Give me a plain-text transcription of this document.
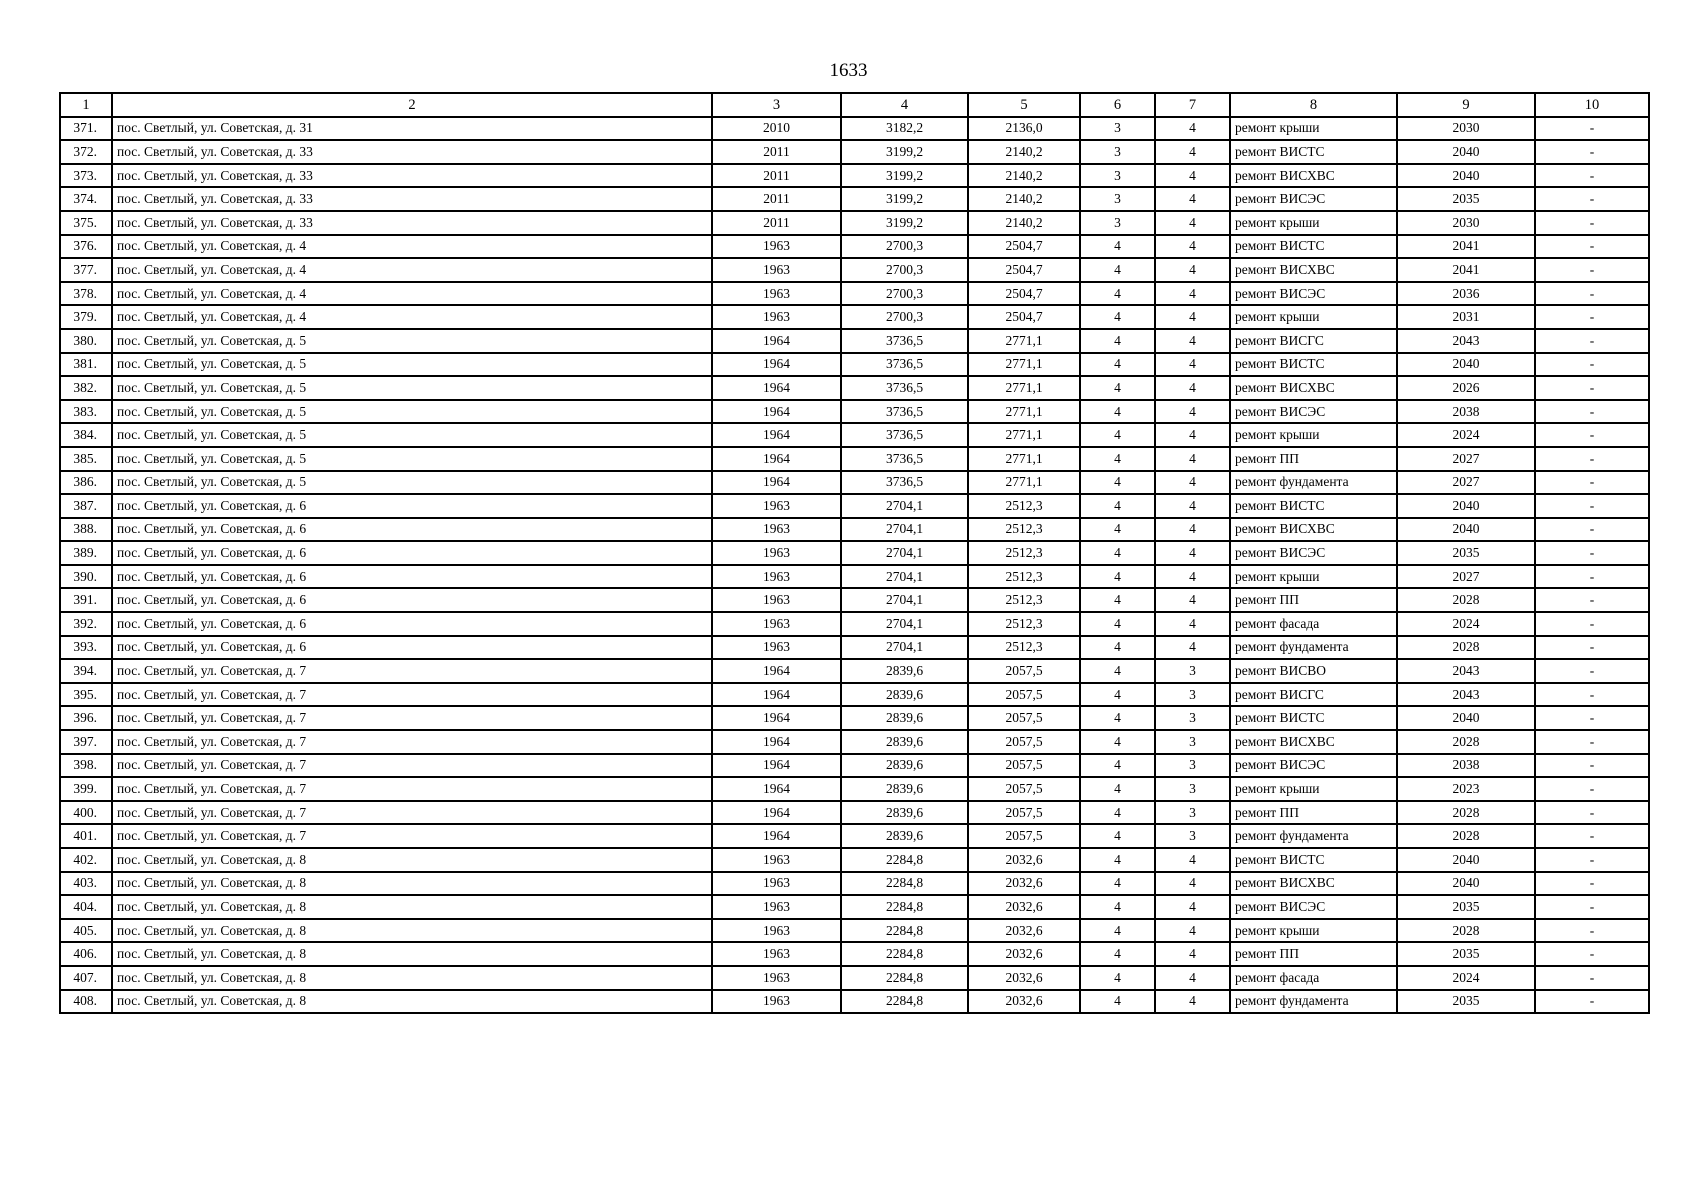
1633
1	2	3	4	5	6	7	8	9	10
371.	пос. Светлый, ул. Советская, д. 31	2010	3182,2	2136,0	3	4	ремонт крыши	2030	-
372.	пос. Светлый, ул. Советская, д. 33	2011	3199,2	2140,2	3	4	ремонт ВИСТС	2040	-
373.	пос. Светлый, ул. Советская, д. 33	2011	3199,2	2140,2	3	4	ремонт ВИСХВС	2040	-
374.	пос. Светлый, ул. Советская, д. 33	2011	3199,2	2140,2	3	4	ремонт ВИСЭС	2035	-
375.	пос. Светлый, ул. Советская, д. 33	2011	3199,2	2140,2	3	4	ремонт крыши	2030	-
376.	пос. Светлый, ул. Советская, д. 4	1963	2700,3	2504,7	4	4	ремонт ВИСТС	2041	-
377.	пос. Светлый, ул. Советская, д. 4	1963	2700,3	2504,7	4	4	ремонт ВИСХВС	2041	-
378.	пос. Светлый, ул. Советская, д. 4	1963	2700,3	2504,7	4	4	ремонт ВИСЭС	2036	-
379.	пос. Светлый, ул. Советская, д. 4	1963	2700,3	2504,7	4	4	ремонт крыши	2031	-
380.	пос. Светлый, ул. Советская, д. 5	1964	3736,5	2771,1	4	4	ремонт ВИСГС	2043	-
381.	пос. Светлый, ул. Советская, д. 5	1964	3736,5	2771,1	4	4	ремонт ВИСТС	2040	-
382.	пос. Светлый, ул. Советская, д. 5	1964	3736,5	2771,1	4	4	ремонт ВИСХВС	2026	-
383.	пос. Светлый, ул. Советская, д. 5	1964	3736,5	2771,1	4	4	ремонт ВИСЭС	2038	-
384.	пос. Светлый, ул. Советская, д. 5	1964	3736,5	2771,1	4	4	ремонт крыши	2024	-
385.	пос. Светлый, ул. Советская, д. 5	1964	3736,5	2771,1	4	4	ремонт ПП	2027	-
386.	пос. Светлый, ул. Советская, д. 5	1964	3736,5	2771,1	4	4	ремонт фундамента	2027	-
387.	пос. Светлый, ул. Советская, д. 6	1963	2704,1	2512,3	4	4	ремонт ВИСТС	2040	-
388.	пос. Светлый, ул. Советская, д. 6	1963	2704,1	2512,3	4	4	ремонт ВИСХВС	2040	-
389.	пос. Светлый, ул. Советская, д. 6	1963	2704,1	2512,3	4	4	ремонт ВИСЭС	2035	-
390.	пос. Светлый, ул. Советская, д. 6	1963	2704,1	2512,3	4	4	ремонт крыши	2027	-
391.	пос. Светлый, ул. Советская, д. 6	1963	2704,1	2512,3	4	4	ремонт ПП	2028	-
392.	пос. Светлый, ул. Советская, д. 6	1963	2704,1	2512,3	4	4	ремонт фасада	2024	-
393.	пос. Светлый, ул. Советская, д. 6	1963	2704,1	2512,3	4	4	ремонт фундамента	2028	-
394.	пос. Светлый, ул. Советская, д. 7	1964	2839,6	2057,5	4	3	ремонт ВИСВО	2043	-
395.	пос. Светлый, ул. Советская, д. 7	1964	2839,6	2057,5	4	3	ремонт ВИСГС	2043	-
396.	пос. Светлый, ул. Советская, д. 7	1964	2839,6	2057,5	4	3	ремонт ВИСТС	2040	-
397.	пос. Светлый, ул. Советская, д. 7	1964	2839,6	2057,5	4	3	ремонт ВИСХВС	2028	-
398.	пос. Светлый, ул. Советская, д. 7	1964	2839,6	2057,5	4	3	ремонт ВИСЭС	2038	-
399.	пос. Светлый, ул. Советская, д. 7	1964	2839,6	2057,5	4	3	ремонт крыши	2023	-
400.	пос. Светлый, ул. Советская, д. 7	1964	2839,6	2057,5	4	3	ремонт ПП	2028	-
401.	пос. Светлый, ул. Советская, д. 7	1964	2839,6	2057,5	4	3	ремонт фундамента	2028	-
402.	пос. Светлый, ул. Советская, д. 8	1963	2284,8	2032,6	4	4	ремонт ВИСТС	2040	-
403.	пос. Светлый, ул. Советская, д. 8	1963	2284,8	2032,6	4	4	ремонт ВИСХВС	2040	-
404.	пос. Светлый, ул. Советская, д. 8	1963	2284,8	2032,6	4	4	ремонт ВИСЭС	2035	-
405.	пос. Светлый, ул. Советская, д. 8	1963	2284,8	2032,6	4	4	ремонт крыши	2028	-
406.	пос. Светлый, ул. Советская, д. 8	1963	2284,8	2032,6	4	4	ремонт ПП	2035	-
407.	пос. Светлый, ул. Советская, д. 8	1963	2284,8	2032,6	4	4	ремонт фасада	2024	-
408.	пос. Светлый, ул. Советская, д. 8	1963	2284,8	2032,6	4	4	ремонт фундамента	2035	-
